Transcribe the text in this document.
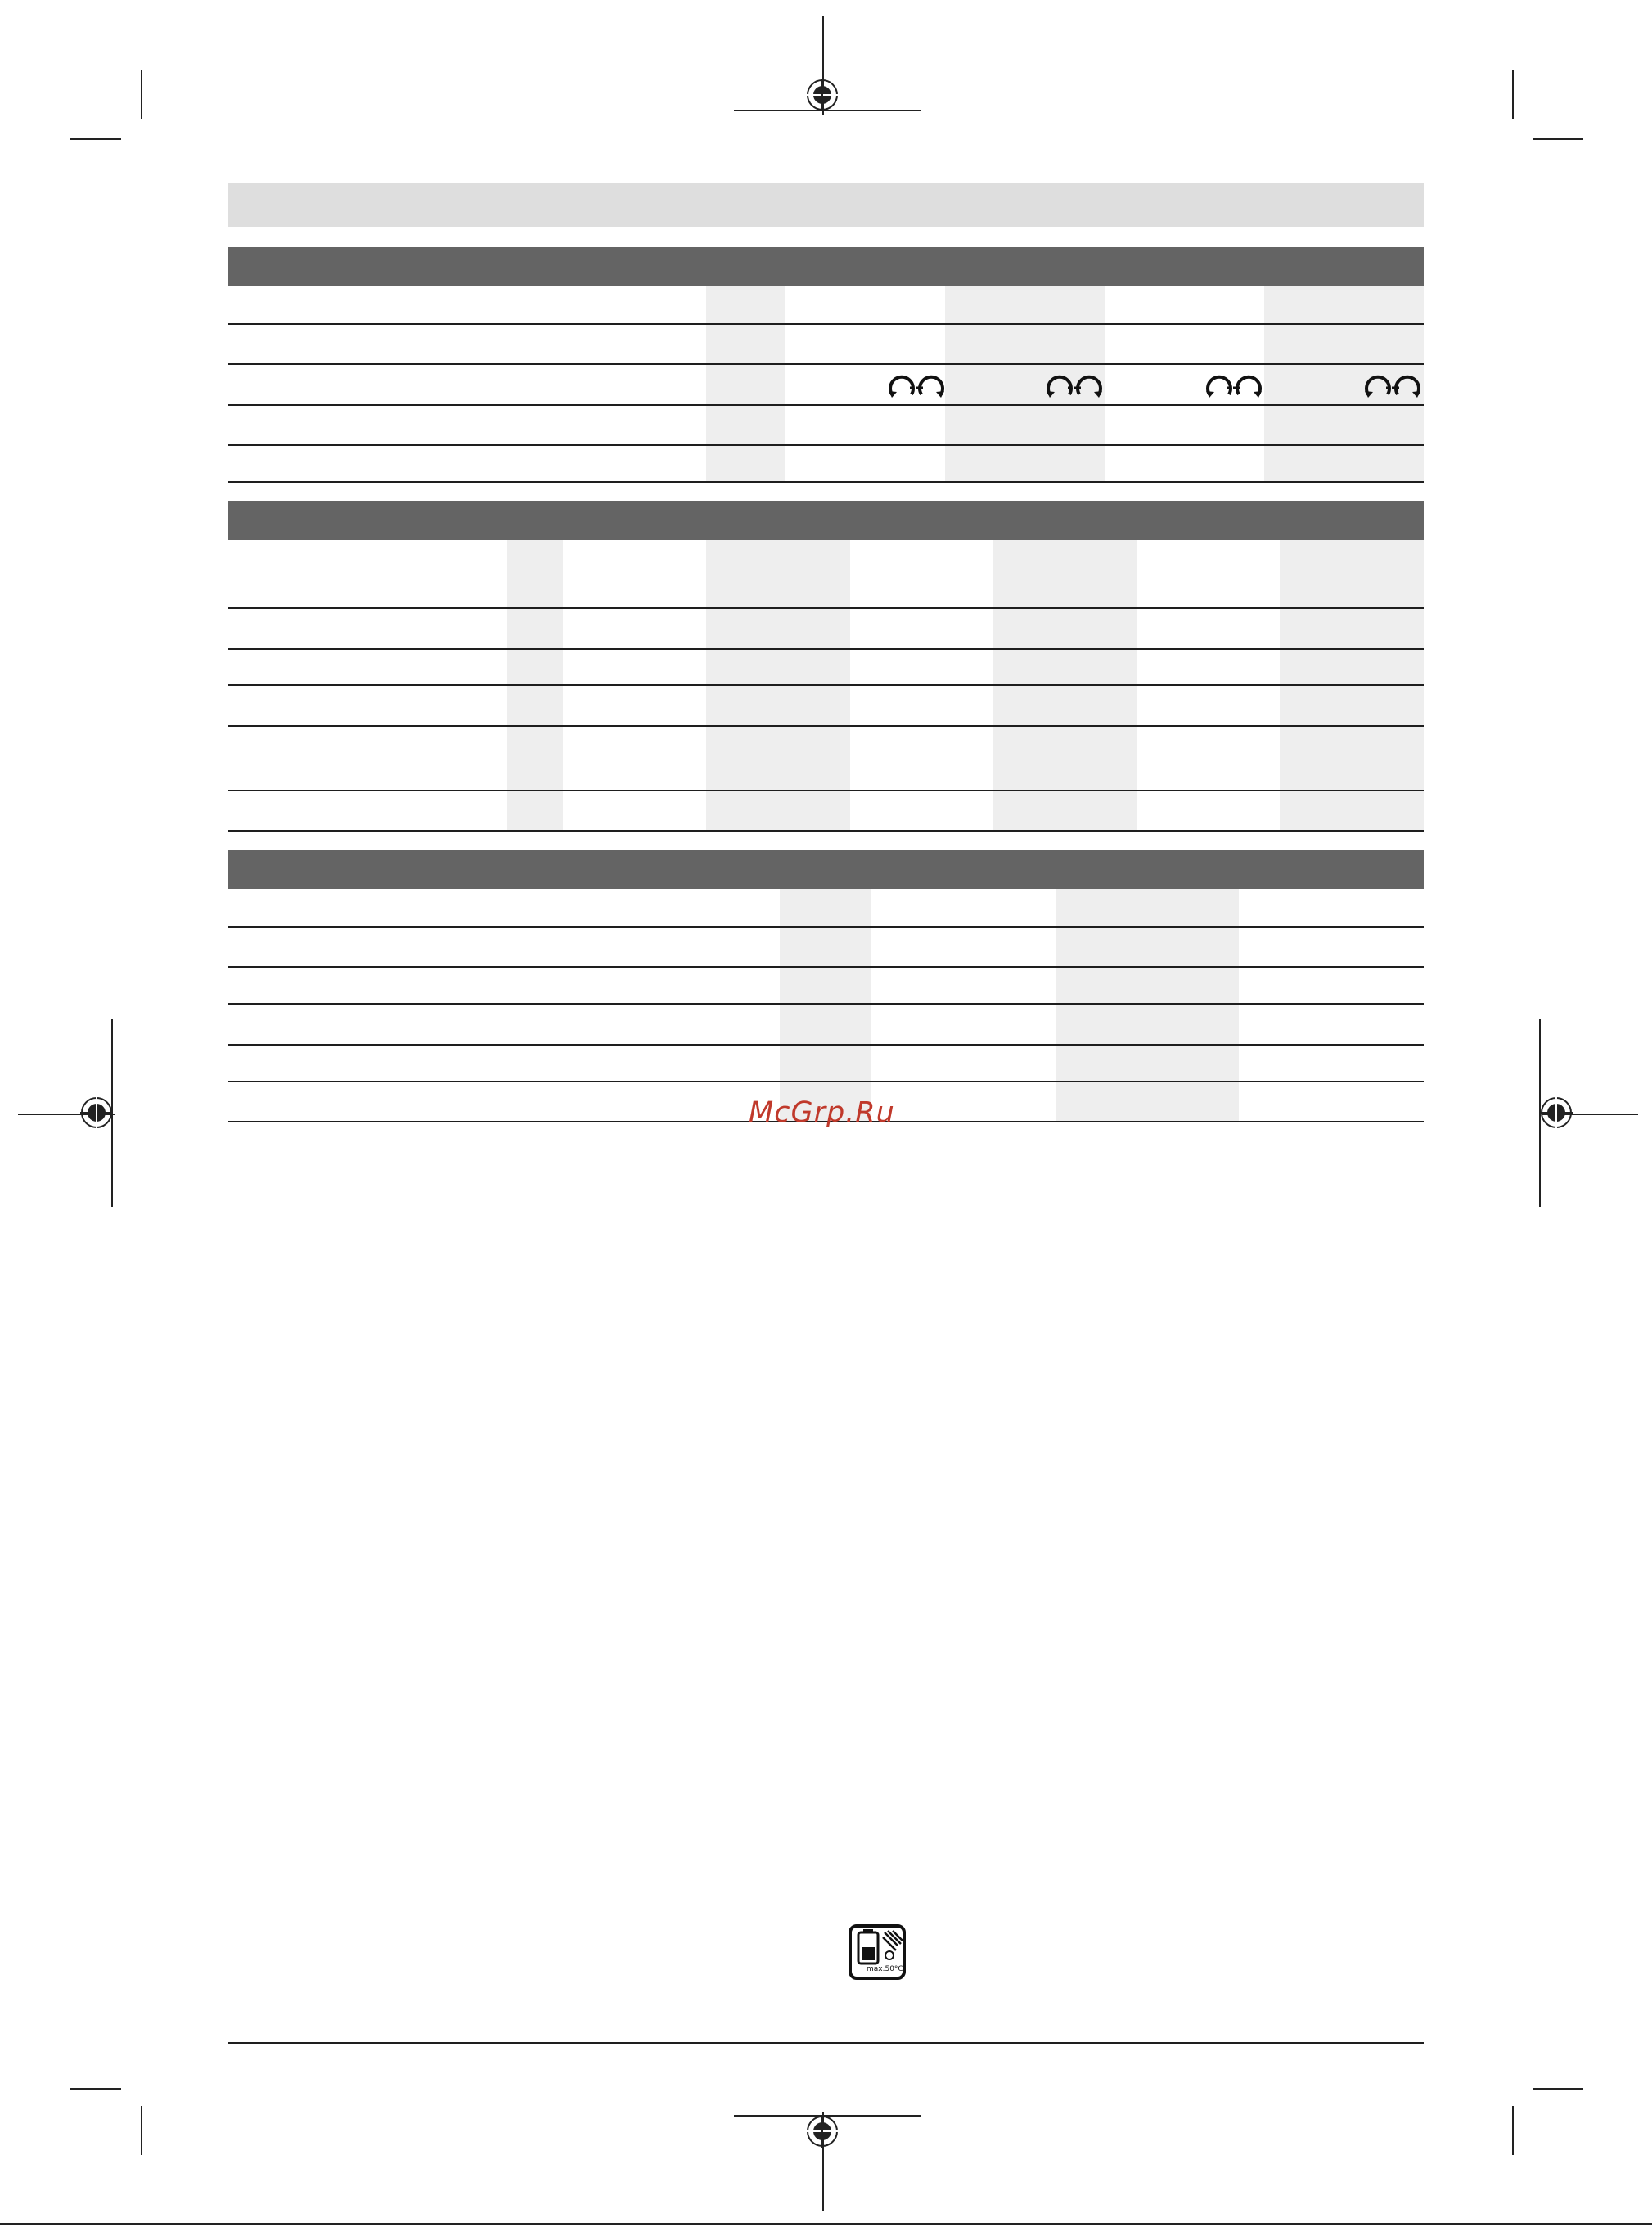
McGrp.Ru
max.50°C
